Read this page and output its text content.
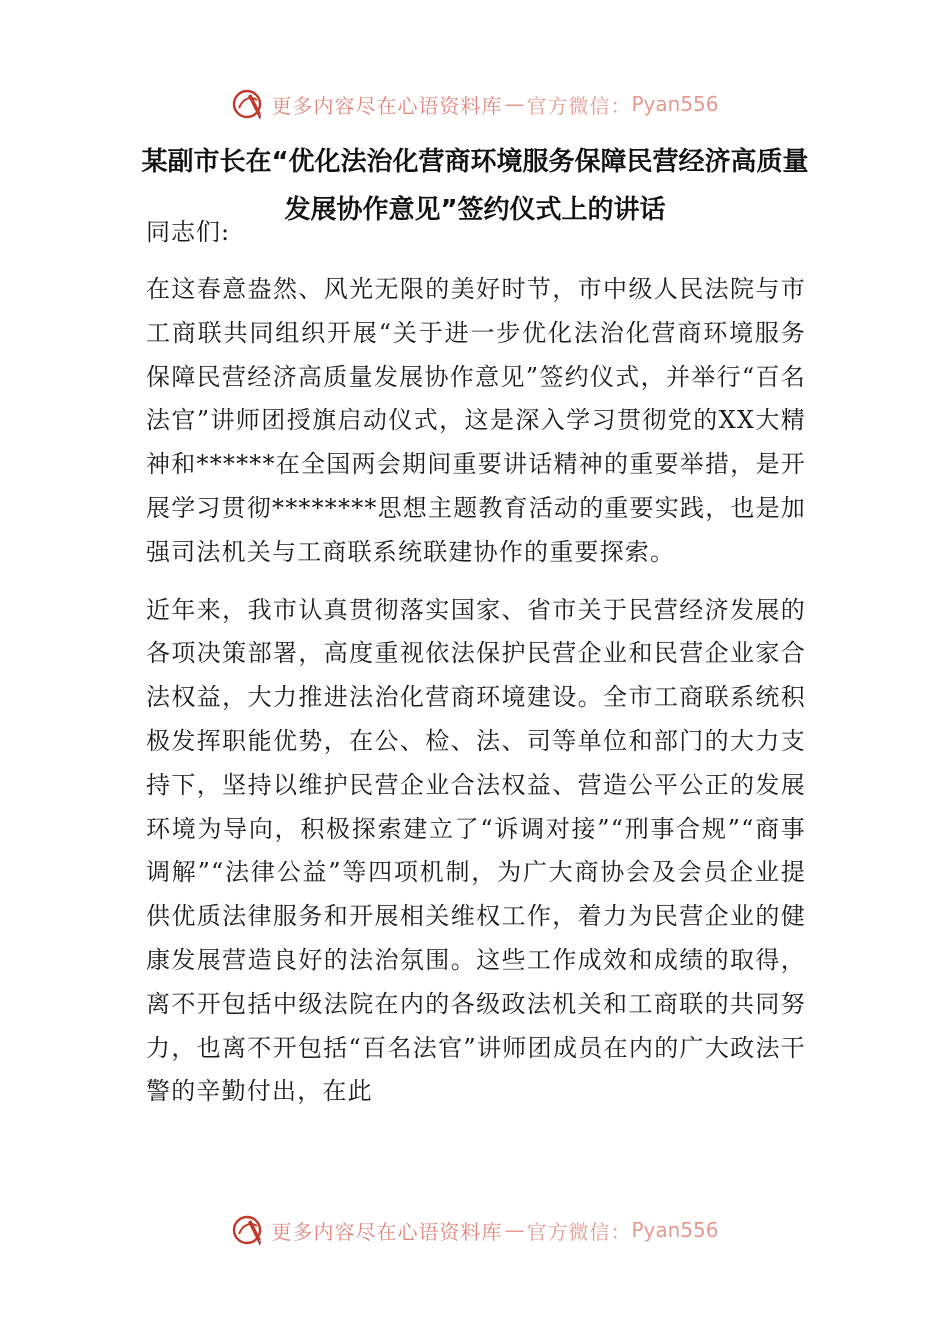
更多内容尽在心语资料库 — 官方微信： Pyan556
某副市长在“优化法治化营商环境服务保障民营经济高质量发展协作意见”签约仪式上的讲话

同志们:

在这春意盎然、风光无限的美好时节，市中级人民法院与市工商联共同组织开展“关于进一步优化法治化营商环境服务保障民营经济高质量发展协作意见”签约仪式，并举行“百名法官”讲师团授旗启动仪式，这是深入学习贯彻党的XX大精神和******在全国两会期间重要讲话精神的重要举措，是开展学习贯彻********思想主题教育活动的重要实践，也是加强司法机关与工商联系统联建协作的重要探索。

近年来，我市认真贯彻落实国家、省市关于民营经济发展的各项决策部署，高度重视依法保护民营企业和民营企业家合法权益，大力推进法治化营商环境建设。全市工商联系统积极发挥职能优势，在公、检、法、司等单位和部门的大力支持下，坚持以维护民营企业合法权益、营造公平公正的发展环境为导向，积极探索建立了“诉调对接”“刑事合规”“商事调解”“法律公益”等四项机制，为广大商协会及会员企业提供优质法律服务和开展相关维权工作，着力为民营企业的健康发展营造良好的法治氛围。这些工作成效和成绩的取得，离不开包括中级法院在内的各级政法机关和工商联的共同努力，也离不开包括“百名法官”讲师团成员在内的广大政法干警的辛勤付出，在此

更多内容尽在心语资料库 — 官方微信： Pyan556
